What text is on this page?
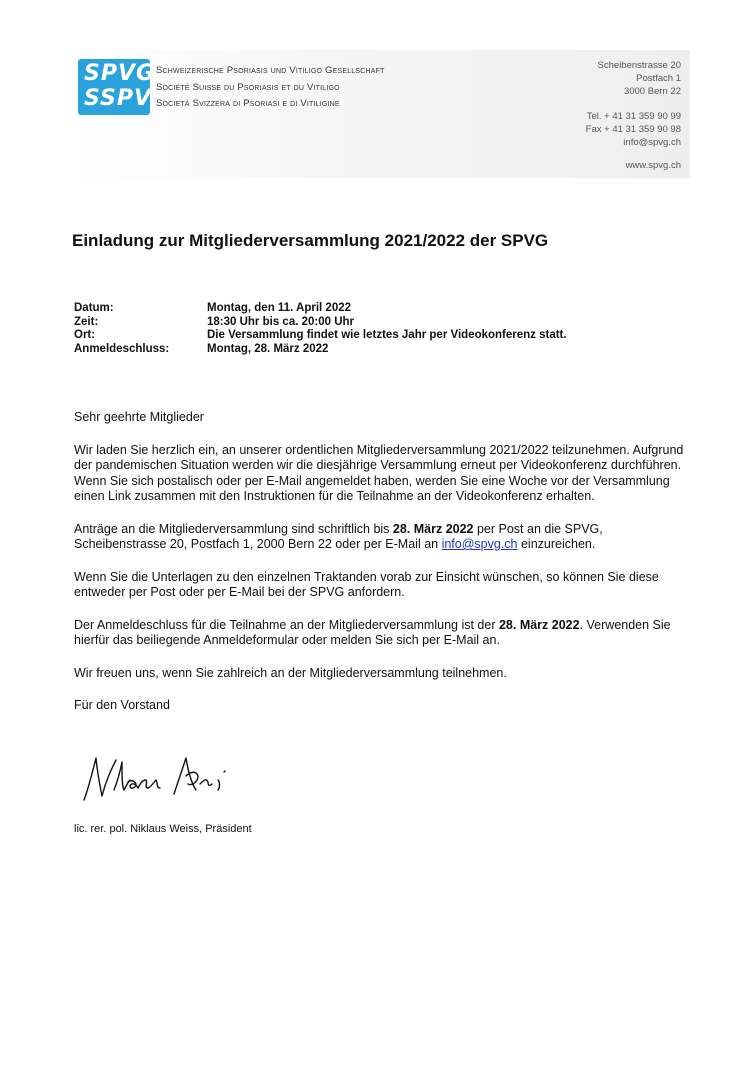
SPVG
SSPV
Schweizerische Psoriasis und Vitiligo Gesellschaft
Société Suisse du Psoriasis et du Vitiligo
Società Svizzera di Psoriasi e di Vitiligine
Scheibenstrasse 20
Postfach 1
3000 Bern 22
Tel. + 41 31 359 90 99
Fax + 41 31 359 90 98
info@spvg.ch
www.spvg.ch
Einladung zur Mitgliederversammlung 2021/2022 der SPVG
Datum:	Montag, den 11. April 2022
Zeit:	18:30 Uhr bis ca. 20:00 Uhr
Ort:	Die Versammlung findet wie letztes Jahr per Videokonferenz statt.
Anmeldeschluss:	Montag, 28. März 2022

Sehr geehrte Mitglieder

Wir laden Sie herzlich ein, an unserer ordentlichen Mitgliederversammlung 2021/2022 teilzunehmen. Aufgrund der pandemischen Situation werden wir die diesjährige Versammlung erneut per Videokonferenz durchführen. Wenn Sie sich postalisch oder per E-Mail angemeldet haben, werden Sie eine Woche vor der Versammlung einen Link zusammen mit den Instruktionen für die Teilnahme an der Videokonferenz erhalten.

Anträge an die Mitgliederversammlung sind schriftlich bis 28. März 2022 per Post an die SPVG, Scheibenstrasse 20, Postfach 1, 2000 Bern 22 oder per E-Mail an info@spvg.ch einzureichen.

Wenn Sie die Unterlagen zu den einzelnen Traktanden vorab zur Einsicht wünschen, so können Sie diese entweder per Post oder per E-Mail bei der SPVG anfordern.

Der Anmeldeschluss für die Teilnahme an der Mitgliederversammlung ist der 28. März 2022. Verwenden Sie hierfür das beiliegende Anmeldeformular oder melden Sie sich per E-Mail an.

Wir freuen uns, wenn Sie zahlreich an der Mitgliederversammlung teilnehmen.

Für den Vorstand

lic. rer. pol. Niklaus Weiss, Präsident
